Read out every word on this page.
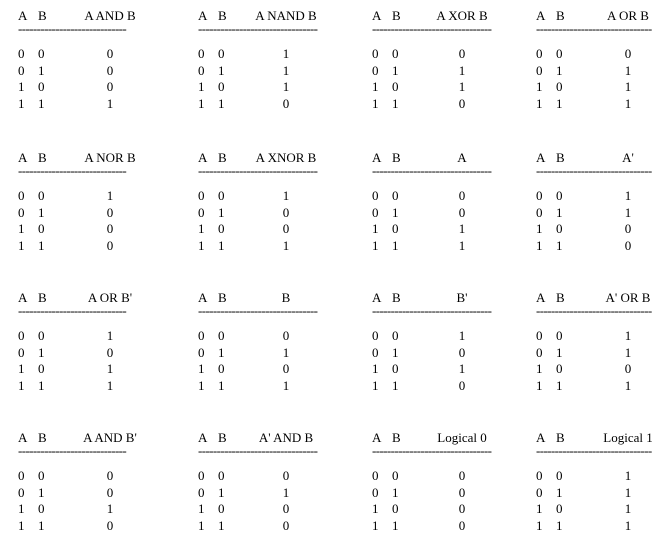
A B	A AND B
-----------------------------
0 0	0
0 1	0
1 0	0
1 1	1
A B	A NAND B
--------------------------------
0 0	1
0 1	1
1 0	1
1 1	0
A B	A XOR B
--------------------------------
0 0	0
0 1	1
1 0	1
1 1	0
A B	A OR B
-------------------------------
0 0	0
0 1	1
1 0	1
1 1	1
A B	A NOR B
-----------------------------
0 0	1
0 1	0
1 0	0
1 1	0
A B	A XNOR B
--------------------------------
0 0	1
0 1	0
1 0	0
1 1	1
A B	A
--------------------------------
0 0	0
0 1	0
1 0	1
1 1	1
A B	A'
-------------------------------
0 0	1
0 1	1
1 0	0
1 1	0
A B	A OR B'
-----------------------------
0 0	1
0 1	0
1 0	1
1 1	1
A B	B
--------------------------------
0 0	0
0 1	1
1 0	0
1 1	1
A B	B'
--------------------------------
0 0	1
0 1	0
1 0	1
1 1	0
A B	A' OR B
-------------------------------
0 0	1
0 1	1
1 0	0
1 1	1
A B	A AND B'
-----------------------------
0 0	0
0 1	0
1 0	1
1 1	0
A B	A' AND B
--------------------------------
0 0	0
0 1	1
1 0	0
1 1	0
A B	Logical 0
--------------------------------
0 0	0
0 1	0
1 0	0
1 1	0
A B	Logical 1
-------------------------------
0 0	1
0 1	1
1 0	1
1 1	1
